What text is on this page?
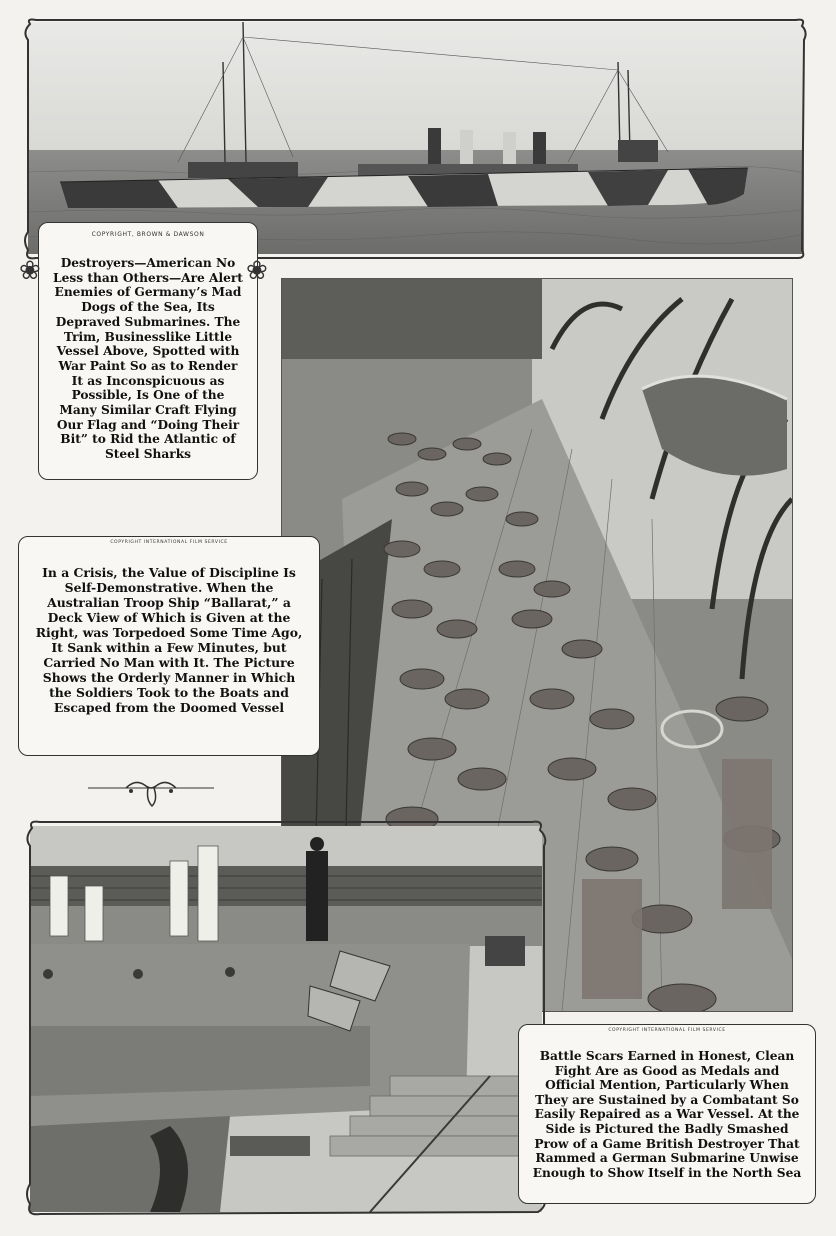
COPYRIGHT, BROWN & DAWSON
Destroyers—American No Less than Others—Are Alert Enemies of Germany’s Mad Dogs of the Sea, Its Depraved Submarines. The Trim, Businesslike Little Vessel Above, Spotted with War Paint So as to Render It as Inconspicuous as Possible, Is One of the Many Similar Craft Flying Our Flag and “Doing Their Bit” to Rid the Atlantic of Steel Sharks
❀	❀
COPYRIGHT INTERNATIONAL FILM SERVICE
In a Crisis, the Value of Discipline Is Self-Demonstrative. When the Australian Troop Ship “Ballarat,” a Deck View of Which is Given at the Right, was Torpedoed Some Time Ago, It Sank within a Few Minutes, but Carried No Man with It. The Picture Shows the Orderly Manner in Which the Soldiers Took to the Boats and Escaped from the Doomed Vessel
COPYRIGHT INTERNATIONAL FILM SERVICE
Battle Scars Earned in Honest, Clean Fight Are as Good as Medals and Official Mention, Particularly When They are Sustained by a Combatant So Easily Repaired as a War Vessel. At the Side is Pictured the Badly Smashed Prow of a Game British Destroyer That Rammed a German Submarine Unwise Enough to Show Itself in the North Sea
